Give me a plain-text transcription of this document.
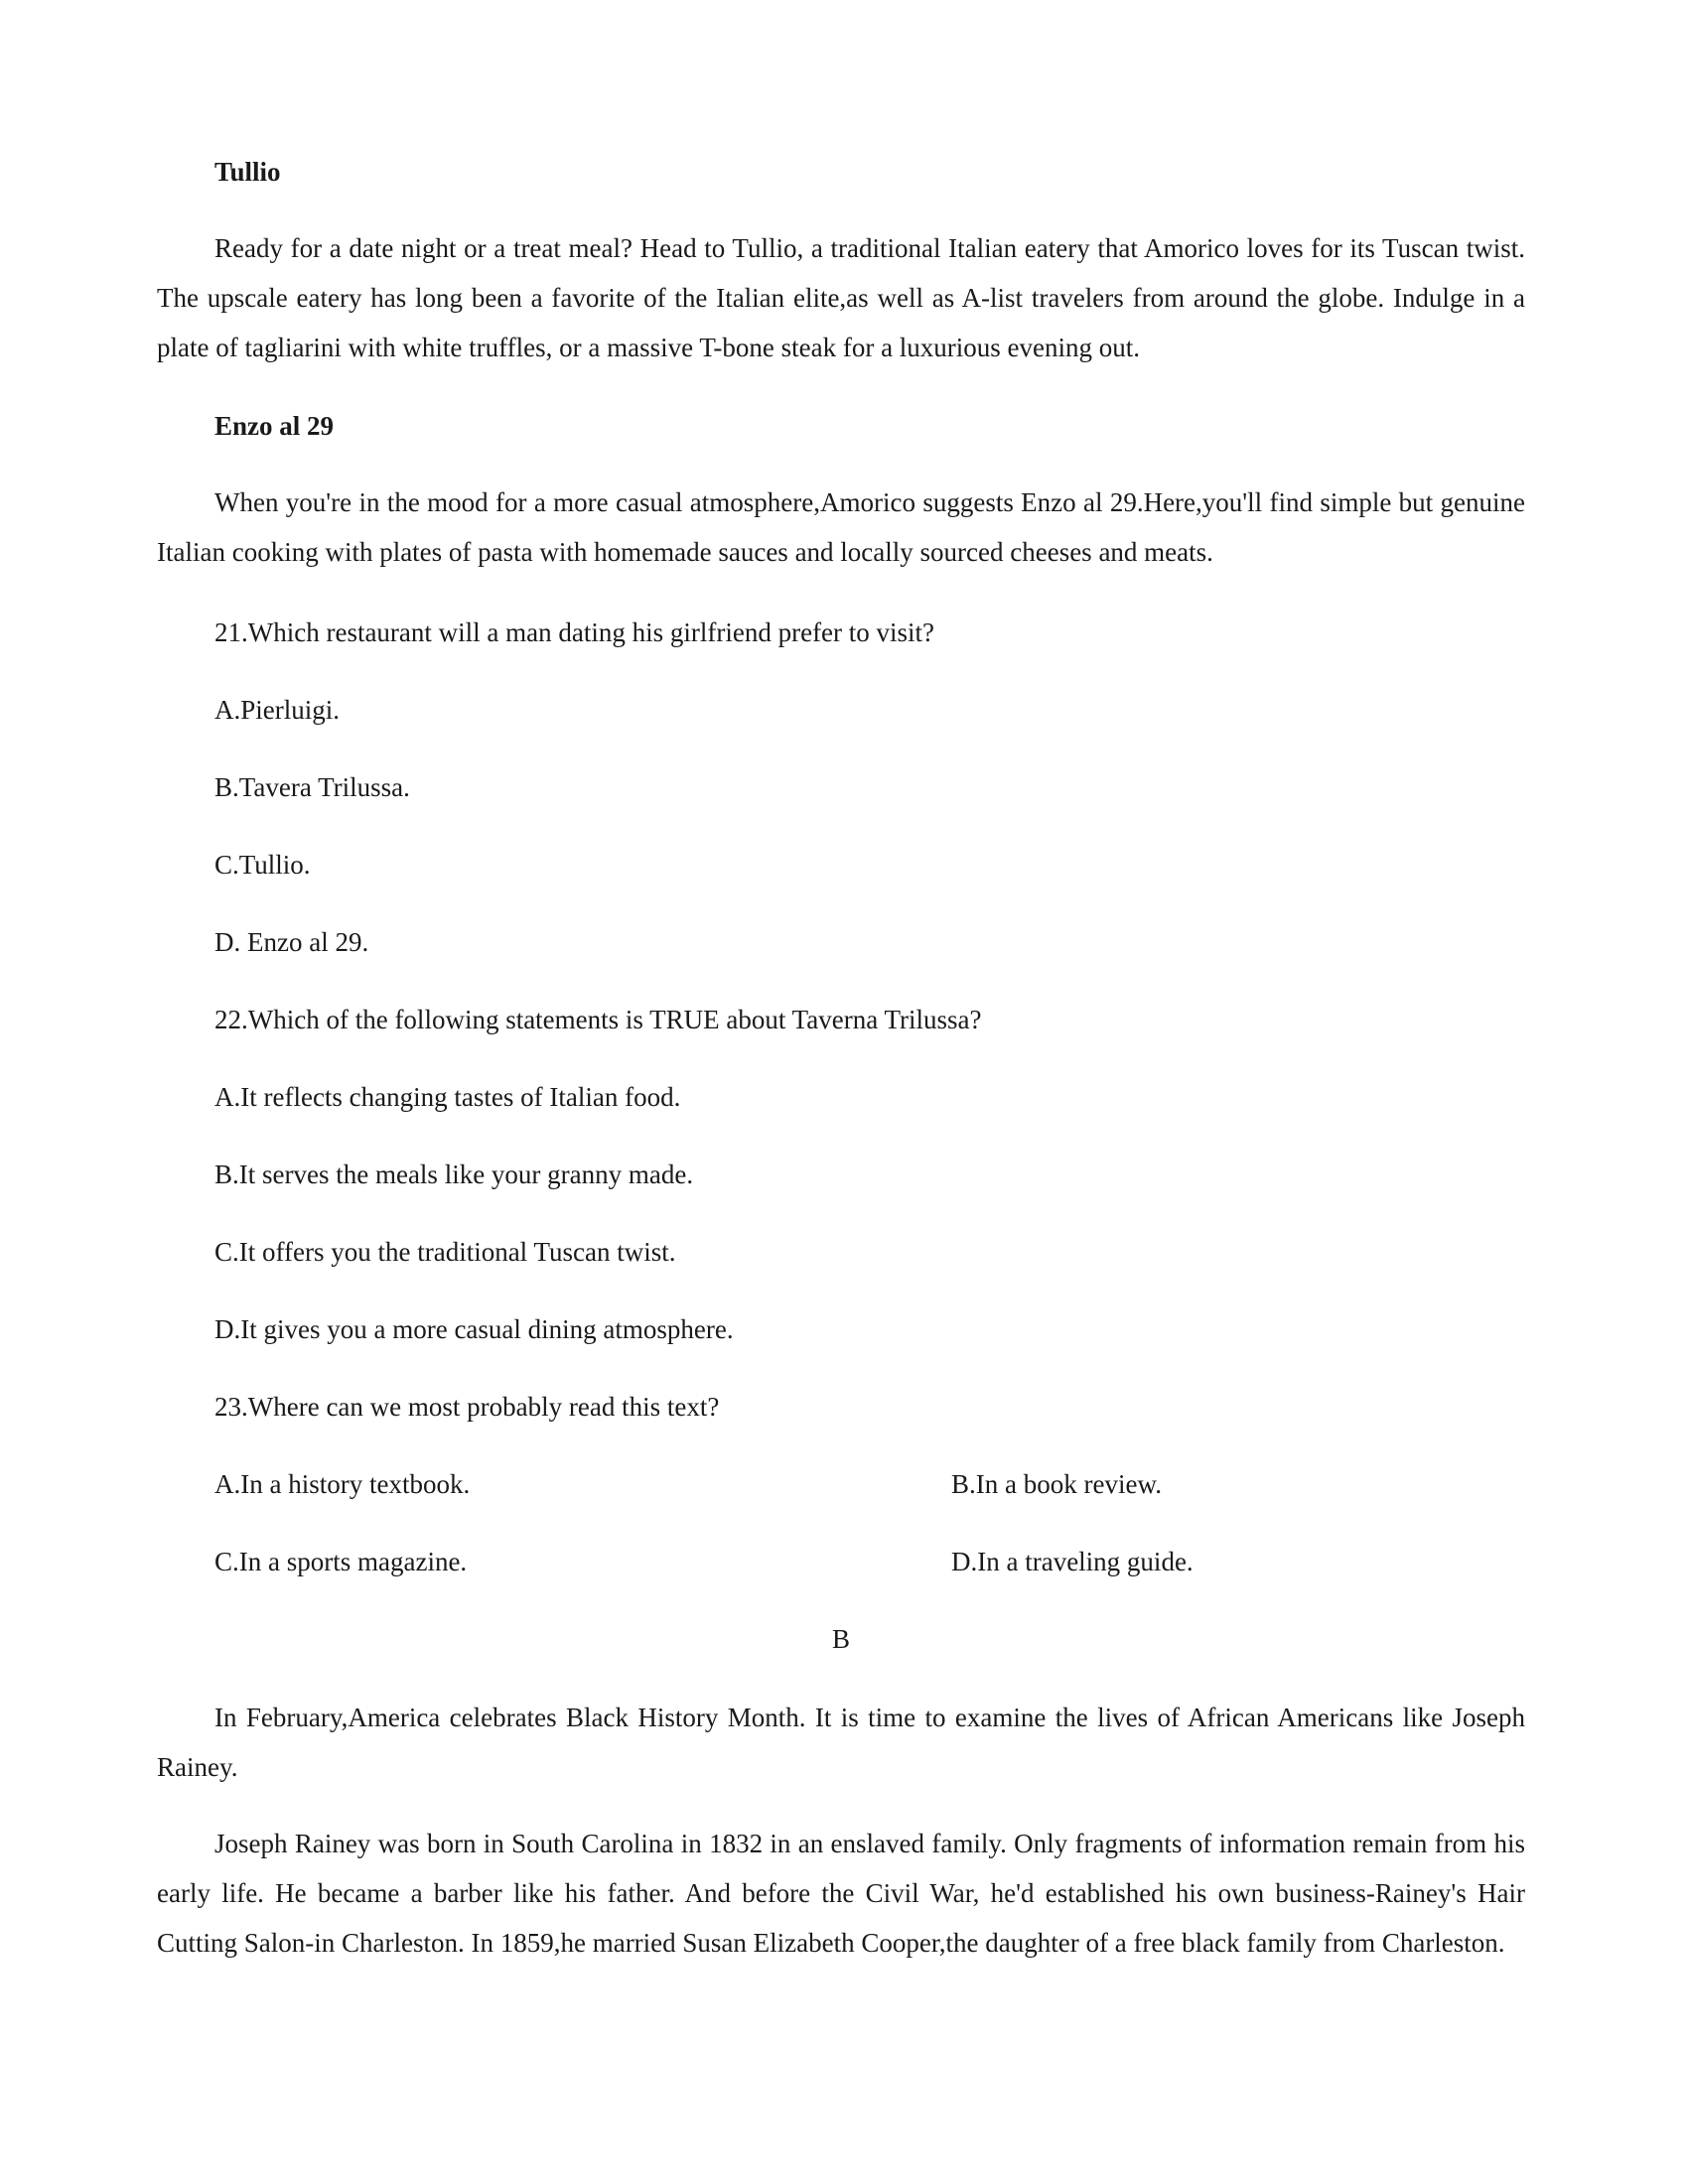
Tullio
Ready for a date night or a treat meal? Head to Tullio, a traditional Italian eatery that Amorico loves for its Tuscan twist. The upscale eatery has long been a favorite of the Italian elite,as well as A-list travelers from around the globe. Indulge in a plate of tagliarini with white truffles, or a massive T-bone steak for a luxurious evening out.
Enzo al 29
When you're in the mood for a more casual atmosphere,Amorico suggests Enzo al 29.Here,you'll find simple but genuine Italian cooking with plates of pasta with homemade sauces and locally sourced cheeses and meats.
21.Which restaurant will a man dating his girlfriend prefer to visit?
A.Pierluigi.
B.Tavera Trilussa.
C.Tullio.
D. Enzo al 29.
22.Which of the following statements is TRUE about Taverna Trilussa?
A.It reflects changing tastes of Italian food.
B.It serves the meals like your granny made.
C.It offers you the traditional Tuscan twist.
D.It gives you a more casual dining atmosphere.
23.Where can we most probably read this text?
A.In a history textbook.	B.In a book review.
C.In a sports magazine.	D.In a traveling guide.
B
In February,America celebrates Black History Month. It is time to examine the lives of African Americans like Joseph Rainey.
Joseph Rainey was born in South Carolina in 1832 in an enslaved family. Only fragments of information remain from his early life. He became a barber like his father. And before the Civil War, he'd established his own business-Rainey's Hair Cutting Salon-in Charleston. In 1859,he married Susan Elizabeth Cooper,the daughter of a free black family from Charleston.
